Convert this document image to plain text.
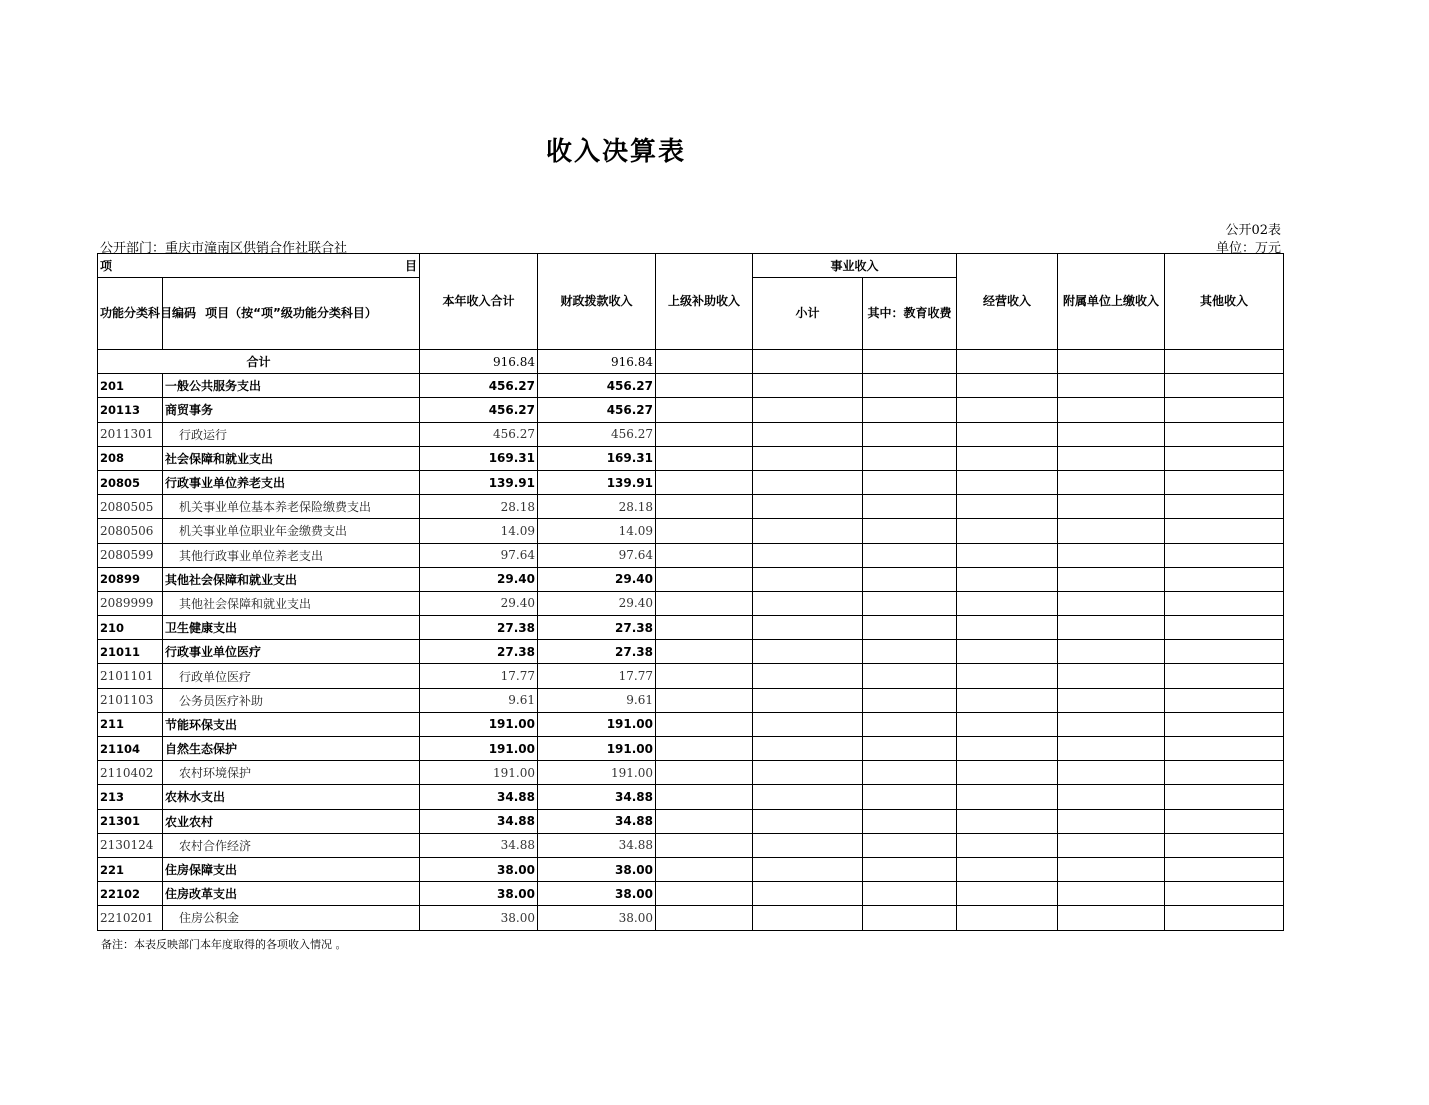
收入决算表
公开02表
公开部门：重庆市潼南区供销合作社联合社	单位：万元
项 目		本年收入合计	财政拨款收入	上级补助收入	事业收入		经营收入	附属单位上缴收入	其他收入
功能分类科目编码	项目（按“项”级功能分类科目）				小计	其中：教育收费			
合计		916.84	916.84						
201	一般公共服务支出	456.27	456.27						
20113	商贸事务	456.27	456.27						
2011301	行政运行	456.27	456.27						
208	社会保障和就业支出	169.31	169.31						
20805	行政事业单位养老支出	139.91	139.91						
2080505	机关事业单位基本养老保险缴费支出	28.18	28.18						
2080506	机关事业单位职业年金缴费支出	14.09	14.09						
2080599	其他行政事业单位养老支出	97.64	97.64						
20899	其他社会保障和就业支出	29.40	29.40						
2089999	其他社会保障和就业支出	29.40	29.40						
210	卫生健康支出	27.38	27.38						
21011	行政事业单位医疗	27.38	27.38						
2101101	行政单位医疗	17.77	17.77						
2101103	公务员医疗补助	9.61	9.61						
211	节能环保支出	191.00	191.00						
21104	自然生态保护	191.00	191.00						
2110402	农村环境保护	191.00	191.00						
213	农林水支出	34.88	34.88						
21301	农业农村	34.88	34.88						
2130124	农村合作经济	34.88	34.88						
221	住房保障支出	38.00	38.00						
22102	住房改革支出	38.00	38.00						
2210201	住房公积金	38.00	38.00						
备注：本表反映部门本年度取得的各项收入情况 。
